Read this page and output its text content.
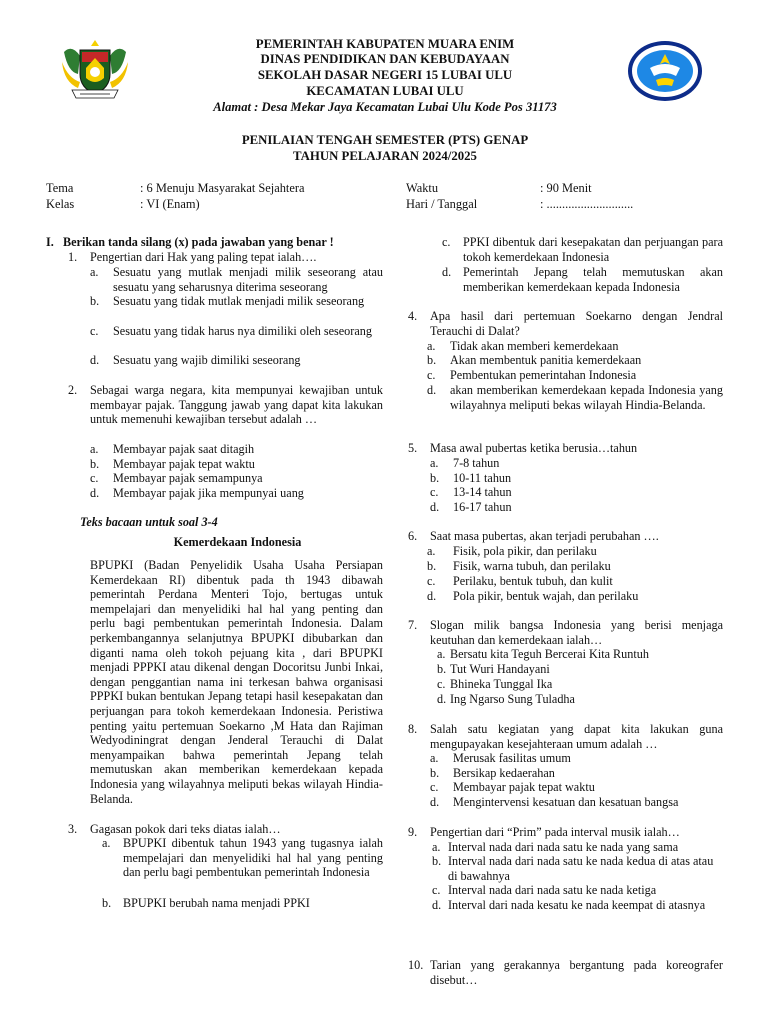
PEMERINTAH KABUPATEN MUARA ENIM
DINAS PENDIDIKAN DAN KEBUDAYAAN
SEKOLAH DASAR NEGERI 15 LUBAI ULU
KECAMATAN LUBAI ULU
Alamat : Desa Mekar Jaya Kecamatan Lubai Ulu Kode Pos 31173
PENILAIAN TENGAH SEMESTER (PTS) GENAP
TAHUN PELAJARAN 2024/2025
Tema	: 6 Menuju Masyarakat Sejahtera
Kelas	: VI (Enam)
Waktu	: 90 Menit
Hari / Tanggal	: ............................
I. Berikan tanda silang (x) pada jawaban yang benar !
1. Pengertian dari Hak yang paling tepat ialah….
a. Sesuatu yang mutlak menjadi milik seseorang atau sesuatu yang seharusnya diterima seseorang
b. Sesuatu yang tidak mutlak menjadi milik seseorang
c. Sesuatu yang tidak harus nya dimiliki oleh seseorang
d. Sesuatu yang wajib dimiliki seseorang
2. Sebagai warga negara, kita mempunyai kewajiban untuk membayar pajak. Tanggung jawab yang dapat kita lakukan untuk memenuhi kewajiban tersebut adalah …
a. Membayar pajak saat ditagih
b. Membayar pajak tepat waktu
c. Membayar pajak semampunya
d. Membayar pajak jika mempunyai uang
Teks bacaan untuk soal 3-4
Kemerdekaan Indonesia
BPUPKI (Badan Penyelidik Usaha Usaha Persiapan Kemerdekaan RI) dibentuk pada th 1943 dibawah pemerintah Perdana Menteri Tojo, bertugas untuk mempelajari dan menyelidiki hal hal yang penting dan perlu bagi pembentukan pemerintah Indonesia. Dalam perkembangannya selanjutnya BPUPKI dibubarkan dan diganti nama oleh tokoh pejuang kita , dari BPUPKI menjadi PPPKI atau dikenal dengan Docoritsu Junbi Inkai, dengan penggantian nama ini terkesan bahwa organisasi PPPKI bukan bentukan Jepang tetapi hasil kesepakatan dan perjuangan para tokoh kemerdekaan Indonesia. Peristiwa penting yaitu pertemuan Soekarno ,M Hata dan Rajiman Wedyodiningrat dengan Jenderal Terauchi di Dalat menyampaikan bahwa pemerintah Jepang telah memutuskan akan memberikan kemerdekaan kepada Indonesia yang wilayahnya meliputi bekas wilayah Hindia-Belanda.
3. Gagasan pokok dari teks diatas ialah…
a. BPUPKI dibentuk tahun 1943 yang tugasnya ialah mempelajari dan menyelidiki hal hal yang penting dan perlu bagi pembentukan pemerintah Indonesia
b. BPUPKI berubah nama menjadi PPKI
c. PPKI dibentuk dari kesepakatan dan perjuangan para tokoh kemerdekaan Indonesia
d. Pemerintah Jepang telah memutuskan akan memberikan kemerdekaan kepada Indonesia
4. Apa hasil dari pertemuan Soekarno dengan Jendral Terauchi di Dalat?
a. Tidak akan memberi kemerdekaan
b. Akan membentuk panitia kemerdekaan
c. Pembentukan pemerintahan Indonesia
d. akan memberikan kemerdekaan kepada Indonesia yang wilayahnya meliputi bekas wilayah Hindia-Belanda.
5. Masa awal pubertas ketika berusia…tahun
a. 7-8 tahun
b. 10-11 tahun
c. 13-14 tahun
d. 16-17 tahun
6. Saat masa pubertas, akan terjadi perubahan ….
a. Fisik, pola pikir, dan perilaku
b. Fisik, warna tubuh, dan perilaku
c. Perilaku, bentuk tubuh, dan kulit
d. Pola pikir, bentuk wajah, dan perilaku
7. Slogan milik bangsa Indonesia yang berisi menjaga keutuhan dan kemerdekaan ialah…
a. Bersatu kita Teguh Bercerai Kita Runtuh
b. Tut Wuri Handayani
c. Bhineka Tunggal Ika
d. Ing Ngarso Sung Tuladha
8. Salah satu kegiatan yang dapat kita lakukan guna mengupayakan kesejahteraan umum adalah …
a. Merusak fasilitas umum
b. Bersikap kedaerahan
c. Membayar pajak tepat waktu
d. Mengintervensi kesatuan dan kesatuan bangsa
9. Pengertian dari “Prim” pada interval musik ialah…
a. Interval nada dari nada satu ke nada yang sama
b. Interval nada dari nada satu ke nada kedua di atas atau di bawahnya
c. Interval nada dari nada satu ke nada ketiga
d. Interval dari nada kesatu ke nada keempat di atasnya
10. Tarian yang gerakannya bergantung pada koreografer disebut…
